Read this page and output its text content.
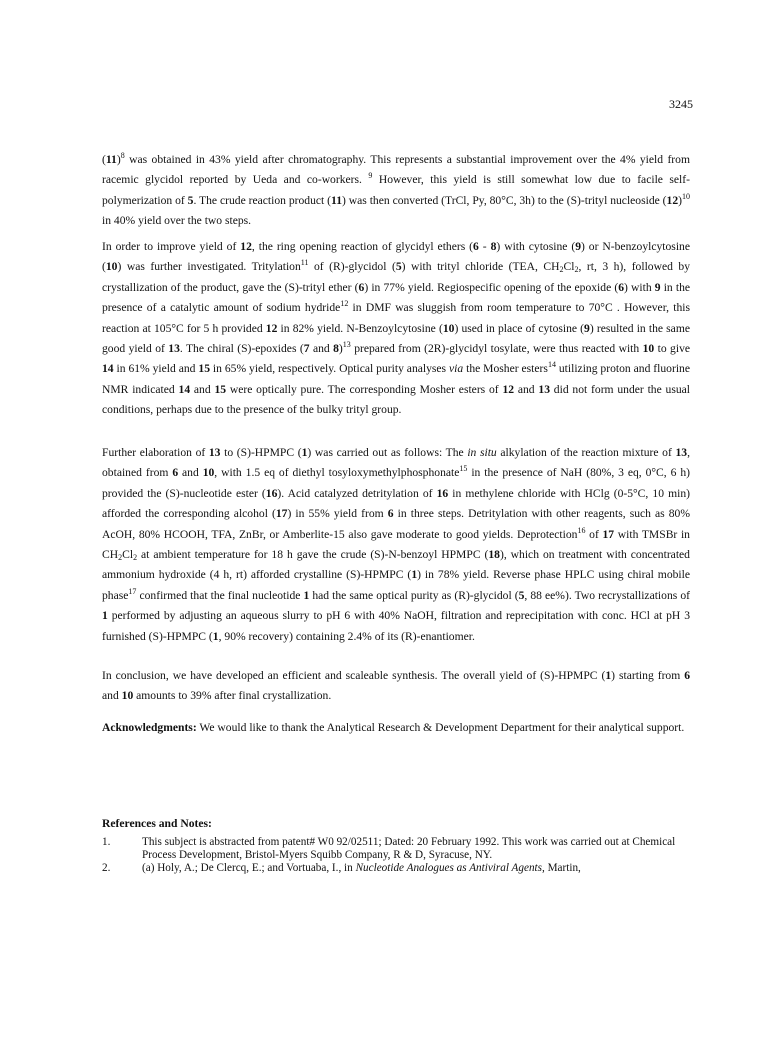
3245
$(11)^8$ was obtained in 43% yield after chromatography. This represents a substantial improvement over the 4% yield from racemic glycidol reported by Ueda and co-workers. $^9$ However, this yield is still somewhat low due to facile self-polymerization of 5. The crude reaction product (11) was then converted (TrCl, Py, 80°C, 3h) to the (S)-trityl nucleoside $(12)^{10}$ in 40% yield over the two steps.
In order to improve yield of 12, the ring opening reaction of glycidyl ethers (6 - 8) with cytosine (9) or N-benzoylcytosine (10) was further investigated. Tritylation$^{11}$ of (R)-glycidol (5) with trityl chloride (TEA, $CH_2Cl_2$, rt, 3 h), followed by crystallization of the product, gave the (S)-trityl ether (6) in 77% yield. Regiospecific opening of the epoxide (6) with 9 in the presence of a catalytic amount of sodium hydride$^{12}$ in DMF was sluggish from room temperature to 70°C . However, this reaction at 105°C for 5 h provided 12 in 82% yield. N-Benzoylcytosine (10) used in place of cytosine (9) resulted in the same good yield of 13. The chiral (S)-epoxides (7 and 8)$^{13}$ prepared from (2R)-glycidyl tosylate, were thus reacted with 10 to give 14 in 61% yield and 15 in 65% yield, respectively. Optical purity analyses via the Mosher esters$^{14}$ utilizing proton and fluorine NMR indicated 14 and 15 were optically pure. The corresponding Mosher esters of 12 and 13 did not form under the usual conditions, perhaps due to the presence of the bulky trityl group.
Further elaboration of 13 to (S)-HPMPC (1) was carried out as follows: The in situ alkylation of the reaction mixture of 13, obtained from 6 and 10, with 1.5 eq of diethyl tosyloxymethylphosphonate$^{15}$ in the presence of NaH (80%, 3 eq, 0°C, 6 h) provided the (S)-nucleotide ester (16). Acid catalyzed detritylation of 16 in methylene chloride with HClg (0-5°C, 10 min) afforded the corresponding alcohol (17) in 55% yield from 6 in three steps. Detritylation with other reagents, such as 80% AcOH, 80% HCOOH, TFA, ZnBr, or Amberlite-15 also gave moderate to good yields. Deprotection$^{16}$ of 17 with TMSBr in $CH_2Cl_2$ at ambient temperature for 18 h gave the crude (S)-N-benzoyl HPMPC (18), which on treatment with concentrated ammonium hydroxide (4 h, rt) afforded crystalline (S)-HPMPC (1) in 78% yield. Reverse phase HPLC using chiral mobile phase$^{17}$ confirmed that the final nucleotide 1 had the same optical purity as (R)-glycidol (5, 88 ee%). Two recrystallizations of 1 performed by adjusting an aqueous slurry to pH 6 with 40% NaOH, filtration and reprecipitation with conc. HCl at pH 3 furnished (S)-HPMPC (1, 90% recovery) containing 2.4% of its (R)-enantiomer.
In conclusion, we have developed an efficient and scaleable synthesis. The overall yield of (S)-HPMPC (1) starting from 6 and 10 amounts to 39% after final crystallization.
Acknowledgments: We would like to thank the Analytical Research & Development Department for their analytical support.
References and Notes:
1.	This subject is abstracted from patent# W0 92/02511; Dated: 20 February 1992. This work was carried out at Chemical Process Development, Bristol-Myers Squibb Company, R & D, Syracuse, NY.
2.	(a) Holy, A.; De Clercq, E.; and Vortuaba, I., in Nucleotide Analogues as Antiviral Agents, Martin,
